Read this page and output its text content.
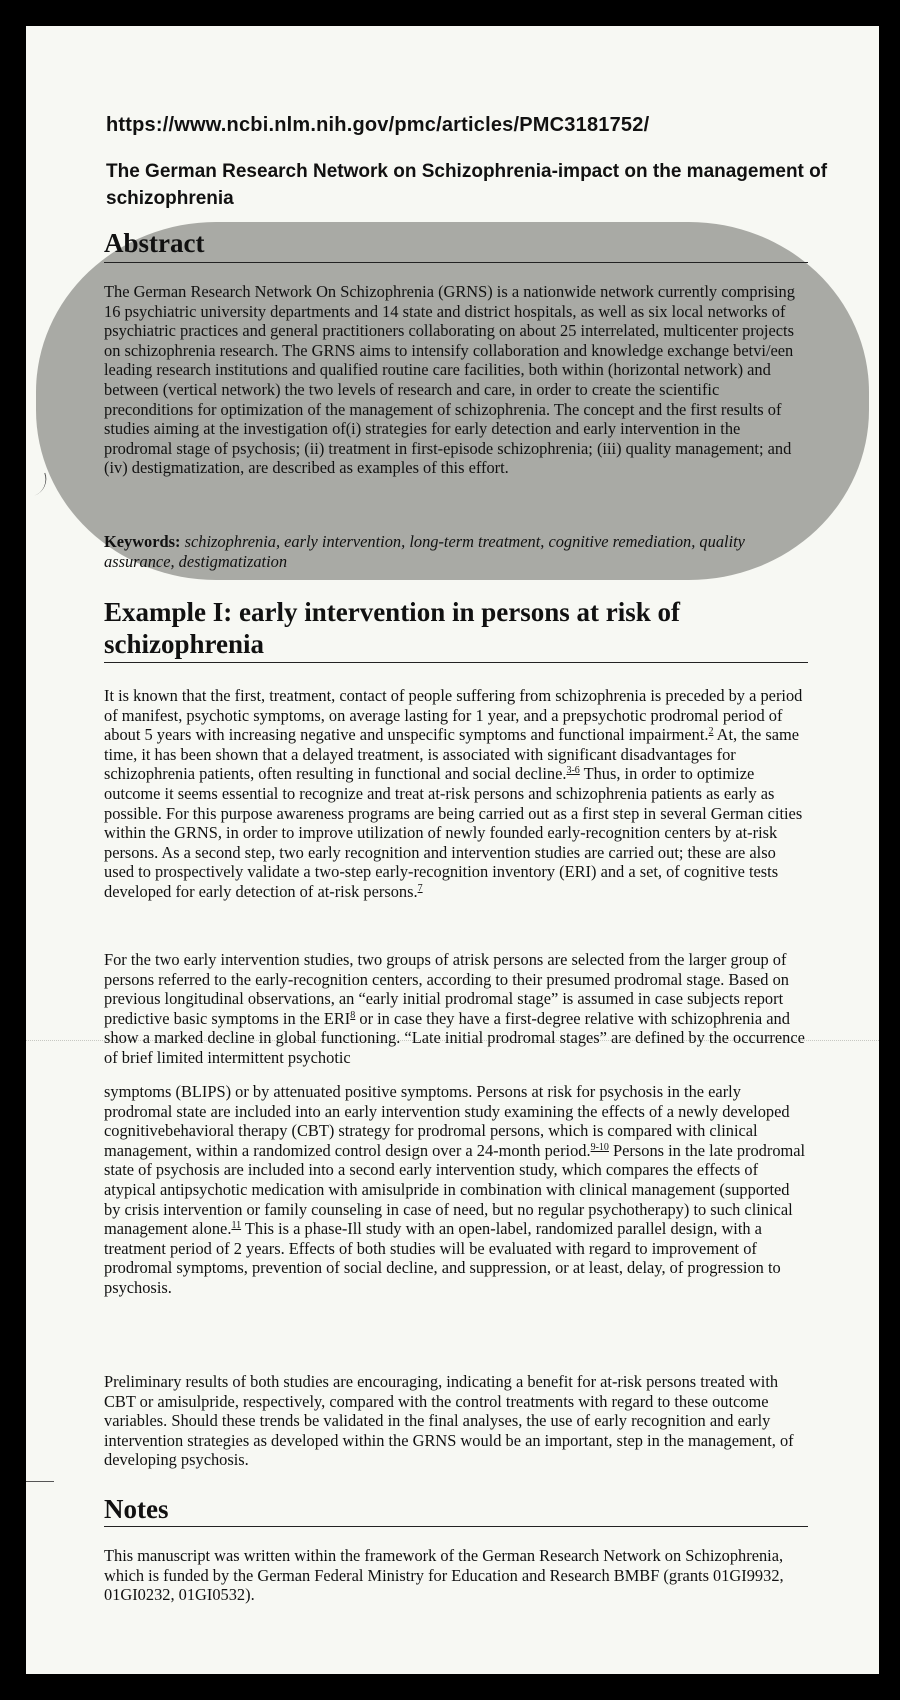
https://www.ncbi.nlm.nih.gov/pmc/articles/PMC3181752/
The German Research Network on Schizophrenia-impact on the management of schizophrenia
Abstract

The German Research Network On Schizophrenia (GRNS) is a nationwide network currently comprising 16 psychiatric university departments and 14 state and district hospitals, as well as six local networks of psychiatric practices and general practitioners collaborating on about 25 interrelated, multicenter projects on schizophrenia research. The GRNS aims to intensify collaboration and knowledge exchange betvi/een leading research institutions and qualified routine care facilities, both within (horizontal network) and between (vertical network) the two levels of research and care, in order to create the scientific preconditions for optimization of the management of schizophrenia. The concept and the first results of studies aiming at the investigation of(i) strategies for early detection and early intervention in the prodromal stage of psychosis; (ii) treatment in first-episode schizophrenia; (iii) quality management; and (iv) destigmatization, are described as examples of this effort.

Keywords: schizophrenia, early intervention, long-term treatment, cognitive remediation, quality assurance, destigmatization

Example I: early intervention in persons at risk of schizophrenia

It is known that the first, treatment, contact of people suffering from schizophrenia is preceded by a period of manifest, psychotic symptoms, on average lasting for 1 year, and a prepsychotic prodromal period of about 5 years with increasing negative and unspecific symptoms and functional impairment.$^2$ At, the same time, it has been shown that a delayed treatment, is associated with significant disadvantages for schizophrenia patients, often resulting in functional and social decline.$^{3-6}$ Thus, in order to optimize outcome it seems essential to recognize and treat at-risk persons and schizophrenia patients as early as possible. For this purpose awareness programs are being carried out as a first step in several German cities within the GRNS, in order to improve utilization of newly founded early-recognition centers by at-risk persons. As a second step, two early recognition and intervention studies are carried out; these are also used to prospectively validate a two-step early-recognition inventory (ERI) and a set, of cognitive tests developed for early detection of at-risk persons.$^7$

For the two early intervention studies, two groups of atrisk persons are selected from the larger group of persons referred to the early-recognition centers, according to their presumed prodromal stage. Based on previous longitudinal observations, an “early initial prodromal stage” is assumed in case subjects report predictive basic symptoms in the ERI$^8$ or in case they have a first-degree relative with schizophrenia and show a marked decline in global functioning. “Late initial prodromal stages” are defined by the occurrence of brief limited intermittent psychotic

symptoms (BLIPS) or by attenuated positive symptoms. Persons at risk for psychosis in the early prodromal state are included into an early intervention study examining the effects of a newly developed cognitivebehavioral therapy (CBT) strategy for prodromal persons, which is compared with clinical management, within a randomized control design over a 24-month period.$^{9-10}$ Persons in the late prodromal state of psychosis are included into a second early intervention study, which compares the effects of atypical antipsychotic medication with amisulpride in combination with clinical management (supported by crisis intervention or family counseling in case of need, but no regular psychotherapy) to such clinical management alone.$^{11}$ This is a phase-Ill study with an open-label, randomized parallel design, with a treatment period of 2 years. Effects of both studies will be evaluated with regard to improvement of prodromal symptoms, prevention of social decline, and suppression, or at least, delay, of progression to psychosis.

Preliminary results of both studies are encouraging, indicating a benefit for at-risk persons treated with CBT or amisulpride, respectively, compared with the control treatments with regard to these outcome variables. Should these trends be validated in the final analyses, the use of early recognition and early intervention strategies as developed within the GRNS would be an important, step in the management, of developing psychosis.

Notes

This manuscript was written within the framework of the German Research Network on Schizophrenia, which is funded by the German Federal Ministry for Education and Research BMBF (grants 01GI9932, 01GI0232, 01GI0532).
